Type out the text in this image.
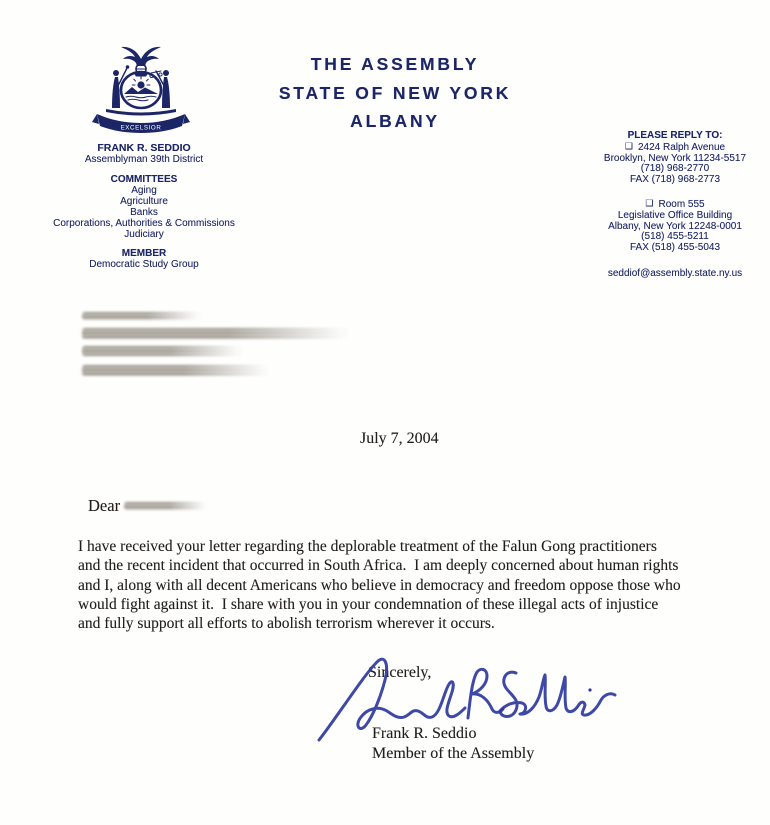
EXCELSIOR
THE ASSEMBLY
STATE OF NEW YORK
ALBANY
FRANK R. SEDDIO
Assemblyman 39th District
COMMITTEES
Aging
Agriculture
Banks
Corporations, Authorities & Commissions
Judiciary
MEMBER
Democratic Study Group
PLEASE REPLY TO:
❑ 2424 Ralph Avenue
Brooklyn, New York 11234-5517
(718) 968-2770
FAX (718) 968-2773
❑ Room 555
Legislative Office Building
Albany, New York 12248-0001
(518) 455-5211
FAX (518) 455-5043
seddiof@assembly.state.ny.us
July 7, 2004
Dear
I have received your letter regarding the deplorable treatment of the Falun Gong practitioners
and the recent incident that occurred in South Africa.  I am deeply concerned about human rights
and I, along with all decent Americans who believe in democracy and freedom oppose those who
would fight against it.  I share with you in your condemnation of these illegal acts of injustice
and fully support all efforts to abolish terrorism wherever it occurs.
Sincerely,
Frank R. Seddio
Member of the Assembly
